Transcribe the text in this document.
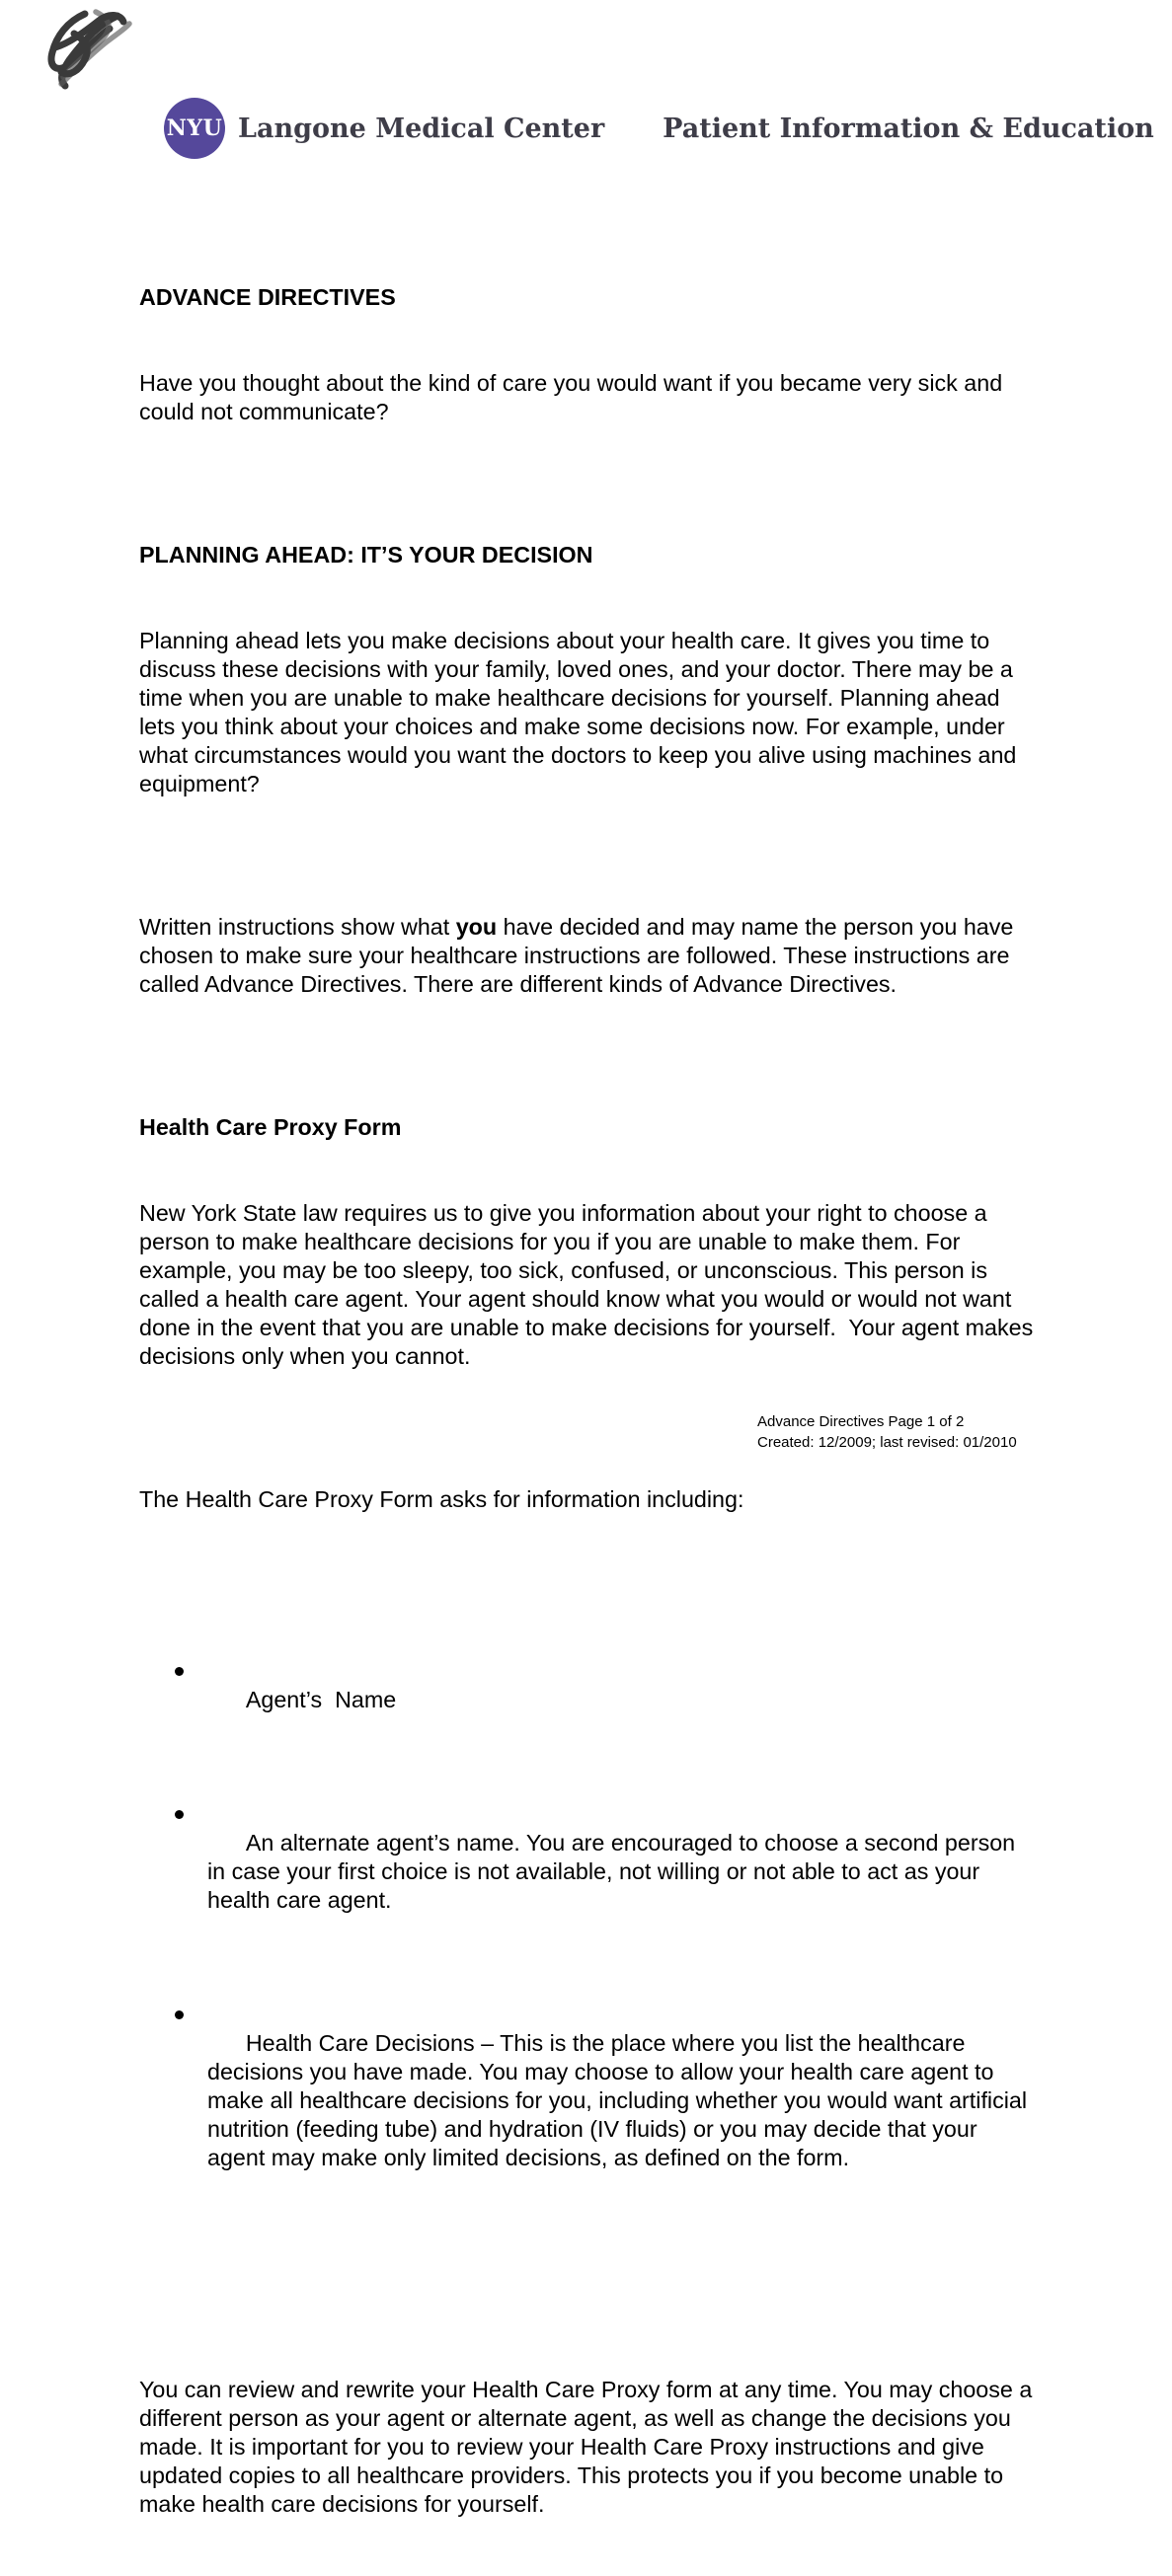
NYU Langone Medical Center Patient Information & Education

ADVANCE DIRECTIVES

Have you thought about the kind of care you would want if you became very sick and could not communicate?

PLANNING AHEAD: IT’S YOUR DECISION

Planning ahead lets you make decisions about your health care. It gives you time to discuss these decisions with your family, loved ones, and your doctor. There may be a time when you are unable to make healthcare decisions for yourself. Planning ahead lets you think about your choices and make some decisions now. For example, under what circumstances would you want the doctors to keep you alive using machines and equipment?

Written instructions show what you have decided and may name the person you have chosen to make sure your healthcare instructions are followed. These instructions are called Advance Directives. There are different kinds of Advance Directives.

Health Care Proxy Form

New York State law requires us to give you information about your right to choose a person to make healthcare decisions for you if you are unable to make them. For example, you may be too sleepy, too sick, confused, or unconscious. This person is called a health care agent. Your agent should know what you would or would not want done in the event that you are unable to make decisions for yourself.  Your agent makes decisions only when you cannot.

The Health Care Proxy Form asks for information including:

Agent’s  Name

An alternate agent’s name. You are encouraged to choose a second person in case your first choice is not available, not willing or not able to act as your health care agent.

Health Care Decisions – This is the place where you list the healthcare decisions you have made. You may choose to allow your health care agent to make all healthcare decisions for you, including whether you would want artificial nutrition (feeding tube) and hydration (IV fluids) or you may decide that your agent may make only limited decisions, as defined on the form.

You can review and rewrite your Health Care Proxy form at any time. You may choose a different person as your agent or alternate agent, as well as change the decisions you made. It is important for you to review your Health Care Proxy instructions and give updated copies to all healthcare providers. This protects you if you become unable to make health care decisions for yourself.

Advance Directives Page 1 of 2
Created: 12/2009; last revised: 01/2010
